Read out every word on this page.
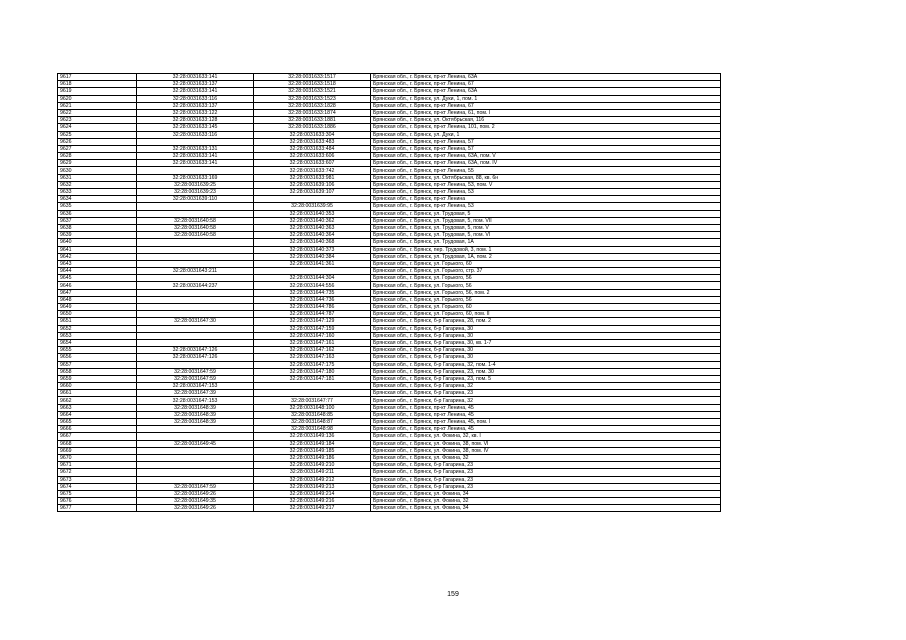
9617	32:28:0031633:141	32:28:0031633:1517	Брянская обл., г. Брянск, пр-кт Ленина, 63А
9618	32:28:0031633:137	32:28:0031633:1518	Брянская обл., г. Брянск, пр-кт Ленина, 67
9619	32:28:0031633:141	32:28:0031633:1521	Брянская обл., г. Брянск, пр-кт Ленина, 63А
9620	32:28:0031633:116	32:28:0031633:1523	Брянская обл., г. Брянск, ул. Дуки, 1, пом. 1
9621	32:28:0031633:137	32:28:0031633:1828	Брянская обл., г. Брянск, пр-кт Ленина, 67
9622	32:28:0031633:122	32:28:0031633:1874	Брянская обл., г. Брянск, пр-кт Ленина, 61, пом. I
9623	32:28:0031633:128	32:28:0031633:1881	Брянская обл., г. Брянск, ул. Октябрьская, 116
9624	32:28:0031633:145	32:28:0031633:1886	Брянская обл., г. Брянск, пр-кт Ленина, 101, пом. 2
9625	32:28:0031633:116	32:28:0031633:304	Брянская обл., г. Брянск, ул. Дуки, 1
9626		32:28:0031633:483	Брянская обл., г. Брянск, пр-кт Ленина, 57
9627	32:28:0031633:131	32:28:0031633:484	Брянская обл., г. Брянск, пр-кт Ленина, 57
9628	32:28:0031633:141	32:28:0031633:606	Брянская обл., г. Брянск, пр-кт Ленина, 63А, пом. V
9629	32:28:0031633:141	32:28:0031633:607	Брянская обл., г. Брянск, пр-кт Ленина, 63А, пом. IV
9630		32:28:0031633:742	Брянская обл., г. Брянск, пр-кт Ленина, 55
9631	32:28:0031633:169	32:28:0031633:981	Брянская обл., г. Брянск, ул. Октябрьская, 88, кв. 6н
9632	32:28:0031639:25	32:28:0031639:106	Брянская обл., г. Брянск, пр-кт Ленина, 53, пом. V
9633	32:28:0031639:23	32:28:0031639:107	Брянская обл., г. Брянск, пр-кт Ленина, 53
9634	32:28:0031639:110		Брянская обл., г. Брянск, пр-кт Ленина
9635		32:28:0031639:95	Брянская обл., г. Брянск, пр-кт Ленина, 53
9636		32:28:0031640:353	Брянская обл., г. Брянск, ул. Трудовая, 5
9637	32:28:0031640:58	32:28:0031640:362	Брянская обл., г. Брянск, ул. Трудовая, 5, пом. VII
9638	32:28:0031640:58	32:28:0031640:363	Брянская обл., г. Брянск, ул. Трудовая, 5, пом. V
9639	32:28:0031640:58	32:28:0031640:364	Брянская обл., г. Брянск, ул. Трудовая, 5, пом. VI
9640		32:28:0031640:368	Брянская обл., г. Брянск, ул. Трудовая, 1А
9641		32:28:0031640:373	Брянская обл., г. Брянск, пер. Трудовой, 3, пом. 1
9642		32:28:0031640:384	Брянская обл., г. Брянск, ул. Трудовая, 1А, пом. 2
9643		32:28:0031641:361	Брянская обл., г. Брянск, ул. Горького, 60
9644	32:28:0031643:211		Брянская обл., г. Брянск, ул. Горького, стр. 37
9645		32:28:0031644:304	Брянская обл., г. Брянск, ул. Горького, 56
9646	32:28:0031644:237	32:28:0031644:556	Брянская обл., г. Брянск, ул. Горького, 56
9647		32:28:0031644:735	Брянская обл., г. Брянск, ул. Горького, 56, пом. 2
9648		32:28:0031644:736	Брянская обл., г. Брянск, ул. Горького, 56
9649		32:28:0031644:786	Брянская обл., г. Брянск, ул. Горького, 60
9650		32:28:0031644:787	Брянская обл., г. Брянск, ул. Горького, 60, пом. II
9651	32:28:0031647:30	32:28:0031647:129	Брянская обл., г. Брянск, б-р Гагарина, 28, пом. 2
9652		32:28:0031647:159	Брянская обл., г. Брянск, б-р Гагарина, 30
9653		32:28:0031647:160	Брянская обл., г. Брянск, б-р Гагарина, 30
9654		32:28:0031647:161	Брянская обл., г. Брянск, б-р Гагарина, 30, кв. 1-7
9655	32:28:0031647:126	32:28:0031647:162	Брянская обл., г. Брянск, б-р Гагарина, 30
9656	32:28:0031647:126	32:28:0031647:163	Брянская обл., г. Брянск, б-р Гагарина, 30
9657		32:28:0031647:175	Брянская обл., г. Брянск, б-р Гагарина, 32, пом. 1-4
9658	32:28:0031647:59	32:28:0031647:180	Брянская обл., г. Брянск, б-р Гагарина, 23, пом. 30
9659	32:28:0031647:59	32:28:0031647:181	Брянская обл., г. Брянск, б-р Гагарина, 23, пом. 5
9660	32:28:0031647:153		Брянская обл., г. Брянск, б-р Гагарина, 32
9661	32:28:0031647:39		Брянская обл., г. Брянск, б-р Гагарина, 23
9662	32:28:0031647:153	32:28:0031647:77	Брянская обл., г. Брянск, б-р Гагарина, 32
9663	32:28:0031648:39	32:28:0031648:100	Брянская обл., г. Брянск, пр-кт Ленина, 45
9664	32:28:0031648:39	32:28:0031648:85	Брянская обл., г. Брянск, пр-кт Ленина, 45
9665	32:28:0031648:39	32:28:0031648:87	Брянская обл., г. Брянск, пр-кт Ленина, 45, пом. I
9666		32:28:0031648:98	Брянская обл., г. Брянск, пр-кт Ленина, 45
9667		32:28:0031649:136	Брянская обл., г. Брянск, ул. Фокина, 32, кв. I
9668	32:28:0031649:45	32:28:0031649:184	Брянская обл., г. Брянск, ул. Фокина, 38, пом. VI
9669		32:28:0031649:185	Брянская обл., г. Брянск, ул. Фокина, 38, пом. IV
9670		32:28:0031649:186	Брянская обл., г. Брянск, ул. Фокина, 32
9671		32:28:0031649:210	Брянская обл., г. Брянск, б-р Гагарина, 23
9672		32:28:0031649:211	Брянская обл., г. Брянск, б-р Гагарина, 23
9673		32:28:0031649:212	Брянская обл., г. Брянск, б-р Гагарина, 23
9674	32:28:0031647:59	32:28:0031649:213	Брянская обл., г. Брянск, б-р Гагарина, 23
9675	32:28:0031649:26	32:28:0031649:214	Брянская обл., г. Брянск, ул. Фокина, 34
9676	32:28:0031649:35	32:28:0031649:216	Брянская обл., г. Брянск, ул. Фокина, 32
9677	32:28:0031649:26	32:28:0031649:217	Брянская обл., г. Брянск, ул. Фокина, 34
159
